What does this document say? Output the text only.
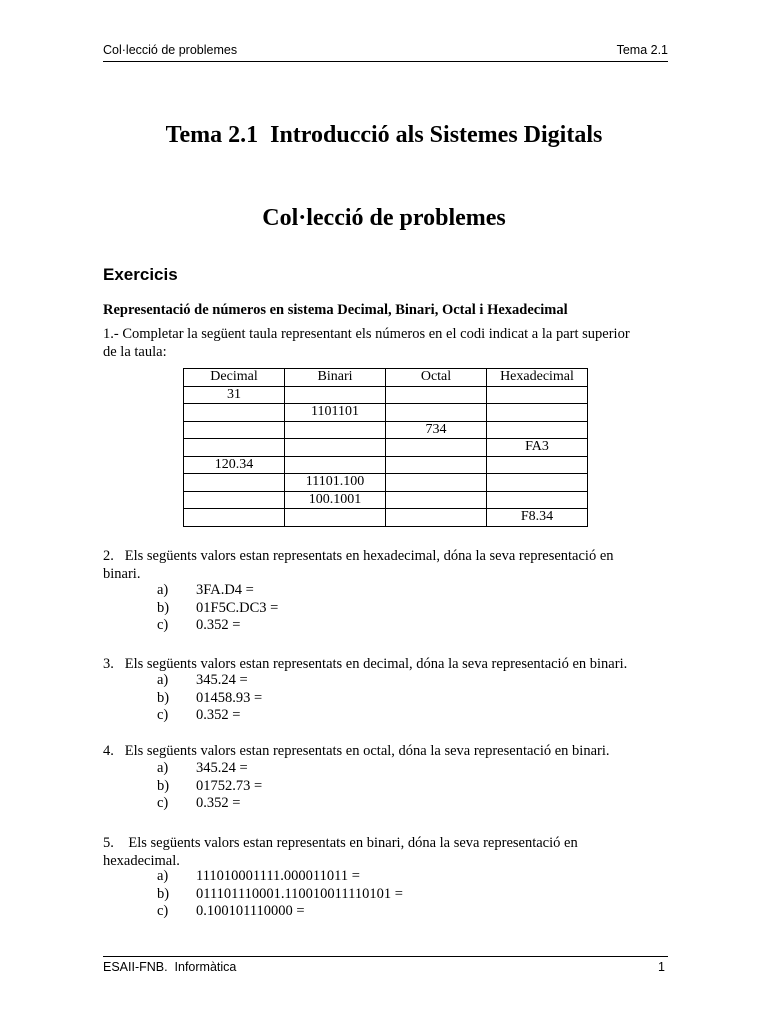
Col·lecció de problemes	Tema 2.1
Tema 2.1  Introducció als Sistemes Digitals
Col·lecció de problemes
Exercicis
Representació de números en sistema Decimal, Binari, Octal i Hexadecimal
1.- Completar la següent taula representant els números en el codi indicat a la part superior
de la taula:
Decimal	Binari	Octal	Hexadecimal
31			
	1101101		
		734	
			FA3
120.34			
	11101.100		
	100.1001		
			F8.34
2.   Els següents valors estan representats en hexadecimal, dóna la seva representació en
binari.
a) 3FA.D4 =
b) 01F5C.DC3 =
c) 0.352 =
3.   Els següents valors estan representats en decimal, dóna la seva representació en binari.
a) 345.24 =
b) 01458.93 =
c) 0.352 =
4.   Els següents valors estan representats en octal, dóna la seva representació en binari.
a) 345.24 =
b) 01752.73 =
c) 0.352 =
5.    Els següents valors estan representats en binari, dóna la seva representació en
hexadecimal.
a) 111010001111.000011011 =
b) 011101110001.110010011110101 =
c) 0.100101110000 =
ESAII-FNB.  Informàtica	1
